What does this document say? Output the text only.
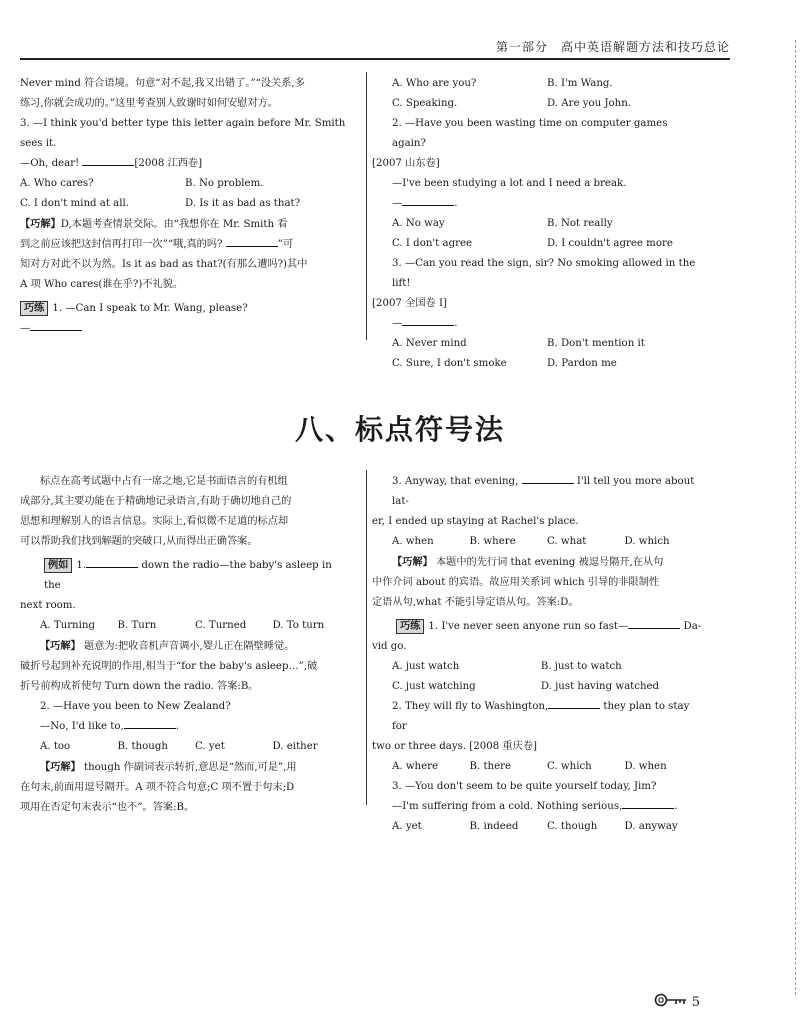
第一部分　高中英语解题方法和技巧总论
Never mind 符合语境。句意“对不起,我又出错了。”“没关系,多
练习,你就会成功的。”这里考查别人致谢时如何安慰对方。
3. —I think you'd better type this letter again before Mr. Smith
sees it.
—Oh, dear!	[2008 江西卷]
A. Who cares?	B. No problem.
C. I don't mind at all.	D. Is it as bad as that?
【巧解】D,本题考查情景交际。由“我想你在 Mr. Smith 看
到之前应该把这封信再打印一次”“哦,真的吗?	”可
知对方对此不以为然。Is it as bad as that?(有那么遭吗?)其中
A 项 Who cares(谁在乎?)不礼貌。
巧练 1. —Can I speak to Mr. Wang, please?
—
A. Who are you?	B. I'm Wang.
C. Speaking.	D. Are you John.
2. —Have you been wasting time on computer games again?
[2007 山东卷]
—I've been studying a lot and I need a break.
—	.
A. No way	B. Not really
C. I don't agree	D. I couldn't agree more
3. —Can you read the sign, sir? No smoking allowed in the lift!
[2007 全国卷 I]
—	.
A. Never mind	B. Don't mention it
C. Sure, I don't smoke	D. Pardon me
八、标点符号法
标点在高考试题中占有一席之地,它是书面语言的有机组
成部分,其主要功能在于精确地记录语言,有助于确切地自己的
思想和理解别人的语言信息。实际上,看似微不足道的标点却
可以帮助我们找到解题的突破口,从而得出正确答案。
例如 1.	down the radio—the baby's asleep in the
next room.
A. Turning	B. Turn	C. Turned	D. To turn
【巧解】 题意为:把收音机声音调小,婴儿正在隔壁睡觉。
破折号起到补充说明的作用,相当于“for the baby's asleep…”,破
折号前构成祈使句 Turn down the radio. 答案:B。
2. —Have you been to New Zealand?
—No, I'd like to,	.
A. too	B. though	C. yet	D. either
【巧解】 though 作副词表示转折,意思是“然而,可是”,用
在句末,前面用逗号隔开。A 项不符合句意;C 项不置于句末;D
项用在否定句末表示“也不”。答案:B。
3. Anyway, that evening,	I'll tell you more about lat-
er, I ended up staying at Rachel's place.
A. when	B. where	C. what	D. which
【巧解】 本题中的先行词 that evening 被逗号隔开,在从句
中作介词 about 的宾语。故应用关系词 which 引导的非限制性
定语从句,what 不能引导定语从句。答案:D。
巧练 1. I've never seen anyone run so fast—	Da-
vid go.
A. just watch	B. just to watch
C. just watching	D. just having watched
2. They will fly to Washington,	they plan to stay for
two or three days. [2008 重庆卷]
A. where	B. there	C. which	D. when
3. —You don't seem to be quite yourself today, Jim?
—I'm suffering from a cold. Nothing serious,	.
A. yet	B. indeed	C. though	D. anyway
5
